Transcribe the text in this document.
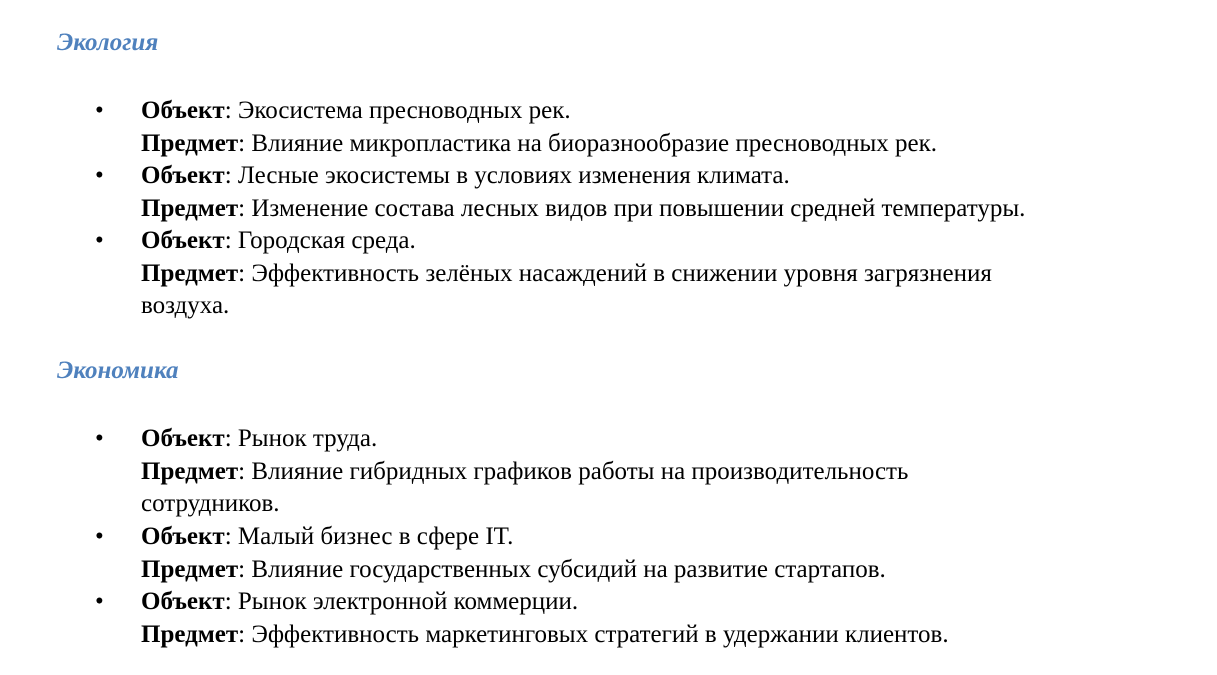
Экология
• Объект: Экосистема пресноводных рек.
Предмет: Влияние микропластика на биоразнообразие пресноводных рек.
• Объект: Лесные экосистемы в условиях изменения климата.
Предмет: Изменение состава лесных видов при повышении средней температуры.
• Объект: Городская среда.
Предмет: Эффективность зелёных насаждений в снижении уровня загрязнения
воздуха.
Экономика
• Объект: Рынок труда.
Предмет: Влияние гибридных графиков работы на производительность
сотрудников.
• Объект: Малый бизнес в сфере IT.
Предмет: Влияние государственных субсидий на развитие стартапов.
• Объект: Рынок электронной коммерции.
Предмет: Эффективность маркетинговых стратегий в удержании клиентов.
